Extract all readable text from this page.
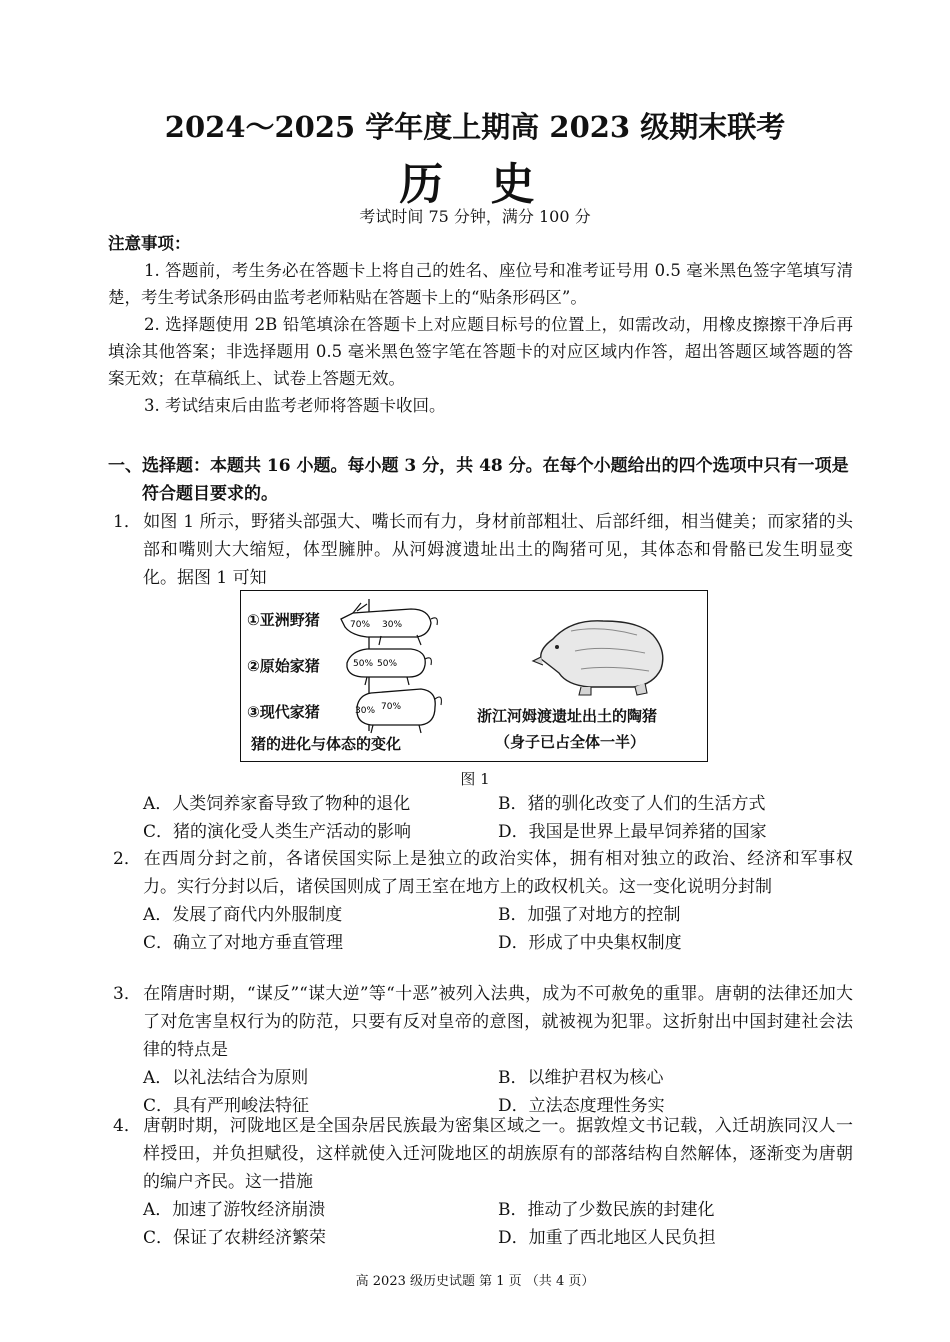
2024～2025 学年度上期高 2023 级期末联考
历 史
考试时间 75 分钟，满分 100 分
注意事项：

1. 答题前，考生务必在答题卡上将自己的姓名、座位号和准考证号用 0.5 毫米黑色签字笔填写清楚，考生考试条形码由监考老师粘贴在答题卡上的“贴条形码区”。

2. 选择题使用 2B 铅笔填涂在答题卡上对应题目标号的位置上，如需改动，用橡皮擦擦干净后再填涂其他答案；非选择题用 0.5 毫米黑色签字笔在答题卡的对应区域内作答，超出答题区域答题的答案无效；在草稿纸上、试卷上答题无效。

3. 考试结束后由监考老师将答题卡收回。

一、选择题：本题共 16 小题。每小题 3 分，共 48 分。在每个小题给出的四个选项中只有一项是符合题目要求的。
1． 如图 1 所示，野猪头部强大、嘴长而有力，身材前部粗壮、后部纤细，相当健美；而家猪的头部和嘴则大大缩短，体型臃肿。从河姆渡遗址出土的陶猪可见，其体态和骨骼已发生明显变化。据图 1 可知
70% 30%
50% 50%
30% 70%
①亚洲野猪
②原始家猪
③现代家猪
猪的进化与体态的变化
浙江河姆渡遗址出土的陶猪
（身子已占全体一半）
图 1
A．人类饲养家畜导致了物种的退化	B．猪的驯化改变了人们的生活方式
C．猪的演化受人类生产活动的影响	D．我国是世界上最早饲养猪的国家
2． 在西周分封之前，各诸侯国实际上是独立的政治实体，拥有相对独立的政治、经济和军事权力。实行分封以后，诸侯国则成了周王室在地方上的政权机关。这一变化说明分封制
A．发展了商代内外服制度	B．加强了对地方的控制
C．确立了对地方垂直管理	D．形成了中央集权制度
3． 在隋唐时期，“谋反”“谋大逆”等“十恶”被列入法典，成为不可赦免的重罪。唐朝的法律还加大了对危害皇权行为的防范，只要有反对皇帝的意图，就被视为犯罪。这折射出中国封建社会法律的特点是
A．以礼法结合为原则	B．以维护君权为核心
C．具有严刑峻法特征	D．立法态度理性务实
4． 唐朝时期，河陇地区是全国杂居民族最为密集区域之一。据敦煌文书记载，入迁胡族同汉人一样授田，并负担赋役，这样就使入迁河陇地区的胡族原有的部落结构自然解体，逐渐变为唐朝的编户齐民。这一措施
A．加速了游牧经济崩溃	B．推动了少数民族的封建化
C．保证了农耕经济繁荣	D．加重了西北地区人民负担
高 2023 级历史试题 第 1 页 （共 4 页）
